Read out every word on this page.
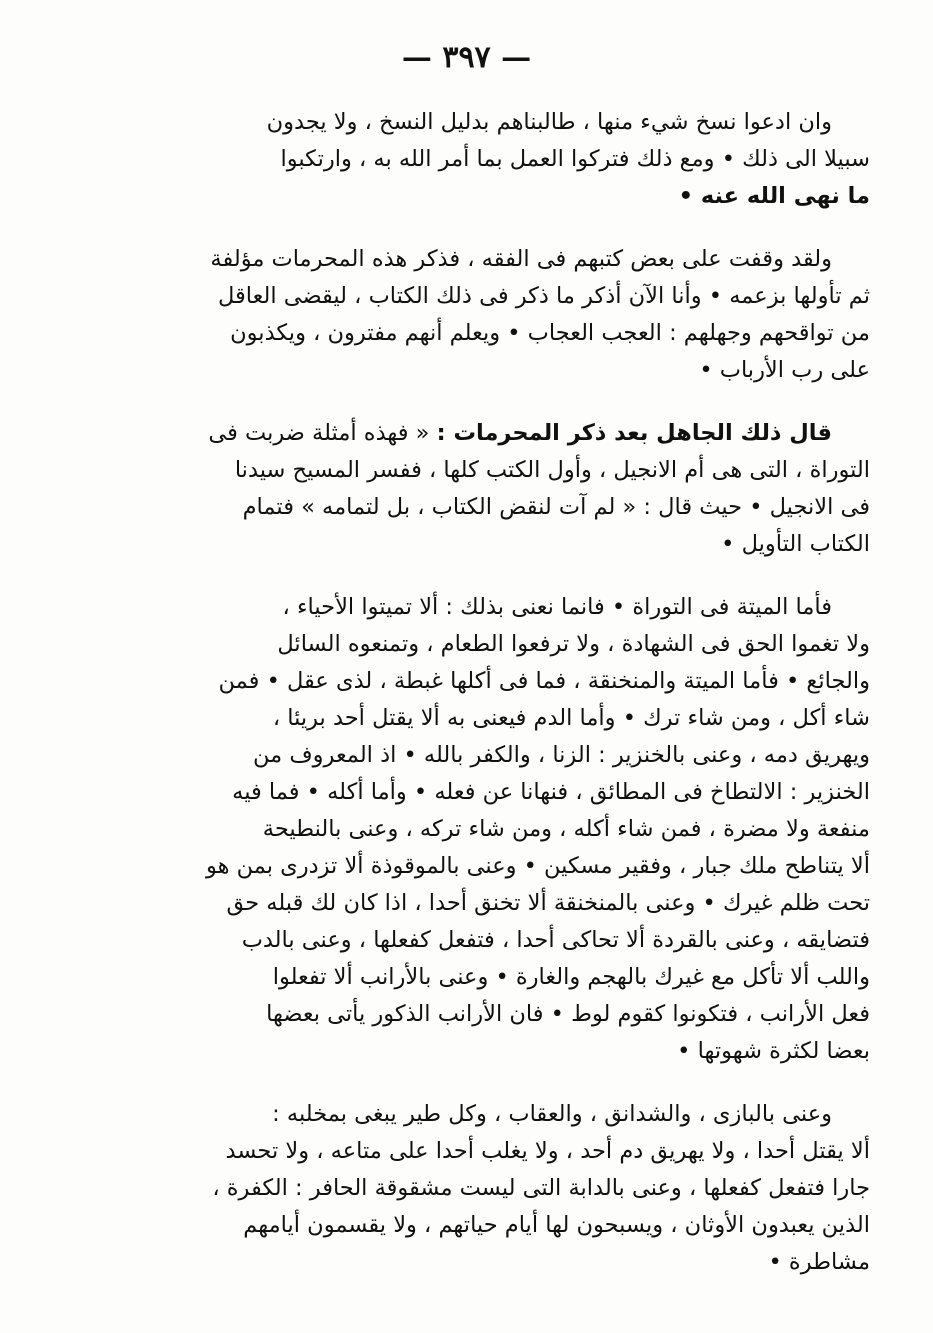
— ٣٩٧ —

وان ادعوا نسخ شيء منها ، طالبناهم بدليل النسخ ، ولا يجدون
سبيلا الى ذلك • ومع ذلك فتركوا العمل بما أمر الله به ، وارتكبوا
ما نهى الله عنه •

ولقد وقفت على بعض كتبهم فى الفقه ، فذكر هذه المحرمات مؤلفة
ثم تأولها بزعمه • وأنا الآن أذكر ما ذكر فى ذلك الكتاب ، ليقضى العاقل
من تواقحهم وجهلهم : العجب العجاب • ويعلم أنهم مفترون ، ويكذبون
على رب الأرباب •

قال ذلك الجاهل بعد ذكر المحرمات : « فهذه أمثلة ضربت فى
التوراة ، التى هى أم الانجيل ، وأول الكتب كلها ، ففسر المسيح سيدنا
فى الانجيل • حيث قال : « لم آت لنقض الكتاب ، بل لتمامه » فتمام
الكتاب التأويل •

فأما الميتة فى التوراة • فانما نعنى بذلك : ألا تميتوا الأحياء ،
ولا تغموا الحق فى الشهادة ، ولا ترفعوا الطعام ، وتمنعوه السائل
والجائع • فأما الميتة والمنخنقة ، فما فى أكلها غبطة ، لذى عقل • فمن
شاء أكل ، ومن شاء ترك • وأما الدم فيعنى به ألا يقتل أحد بريئا ،
ويهريق دمه ، وعنى بالخنزير : الزنا ، والكفر بالله • اذ المعروف من
الخنزير : الالتطاخ فى المطائق ، فنهانا عن فعله • وأما أكله • فما فيه
منفعة ولا مضرة ، فمن شاء أكله ، ومن شاء تركه ، وعنى بالنطيحة
ألا يتناطح ملك جبار ، وفقير مسكين • وعنى بالموقوذة ألا تزدرى بمن هو
تحت ظلم غيرك • وعنى بالمنخنقة ألا تخنق أحدا ، اذا كان لك قبله حق
فتضايقه ، وعنى بالقردة ألا تحاكى أحدا ، فتفعل كفعلها ، وعنى بالدب
واللب ألا تأكل مع غيرك بالهجم والغارة • وعنى بالأرانب ألا تفعلوا
فعل الأرانب ، فتكونوا كقوم لوط • فان الأرانب الذكور يأتى بعضها
بعضا لكثرة شهوتها •

وعنى بالبازى ، والشدانق ، والعقاب ، وكل طير يبغى بمخلبه :
ألا يقتل أحدا ، ولا يهريق دم أحد ، ولا يغلب أحدا على متاعه ، ولا تحسد
جارا فتفعل كفعلها ، وعنى بالدابة التى ليست مشقوقة الحافر : الكفرة ،
الذين يعبدون الأوثان ، ويسبحون لها أيام حياتهم ، ولا يقسمون أيامهم
مشاطرة •
